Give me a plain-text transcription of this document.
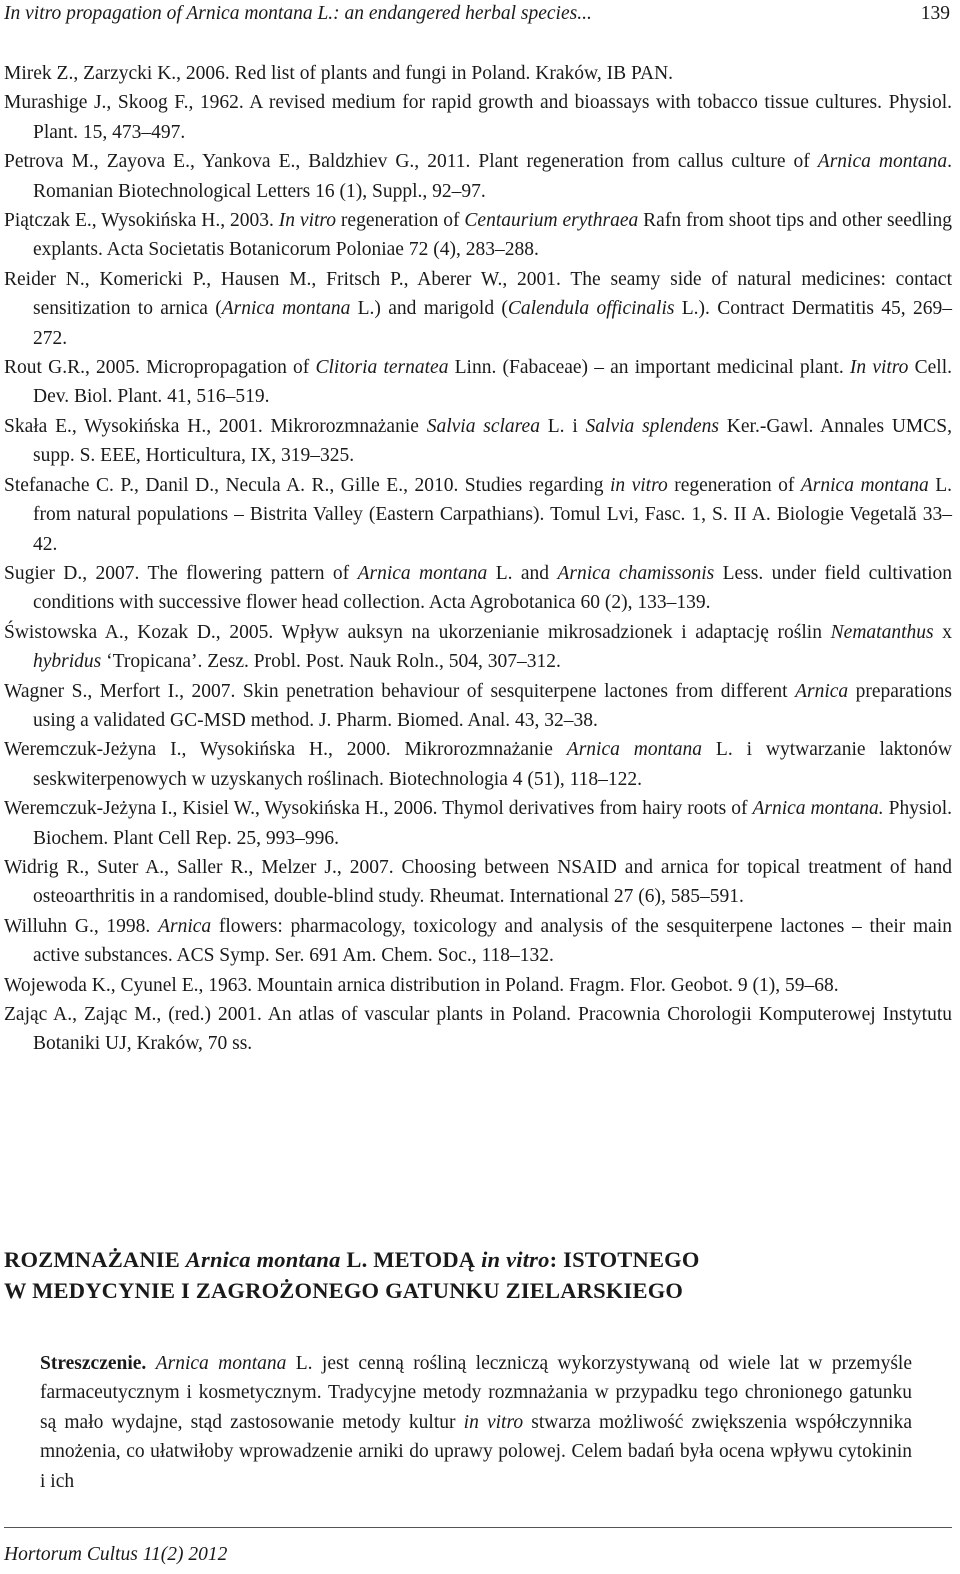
In vitro propagation of Arnica montana L.: an endangered herbal species...	139

Mirek Z., Zarzycki K., 2006. Red list of plants and fungi in Poland. Kraków, IB PAN.

Murashige J., Skoog F., 1962. A revised medium for rapid growth and bioassays with tobacco tissue cultures. Physiol. Plant. 15, 473–497.

Petrova M., Zayova E., Yankova E., Baldzhiev G., 2011. Plant regeneration from callus culture of Arnica montana. Romanian Biotechnological Letters 16 (1), Suppl., 92–97.

Piątczak E., Wysokińska H., 2003. In vitro regeneration of Centaurium erythraea Rafn from shoot tips and other seedling explants. Acta Societatis Botanicorum Poloniae 72 (4), 283–288.

Reider N., Komericki P., Hausen M., Fritsch P., Aberer W., 2001. The seamy side of natural medicines: contact sensitization to arnica (Arnica montana L.) and marigold (Calendula officinalis L.). Contract Dermatitis 45, 269–272.

Rout G.R., 2005. Micropropagation of Clitoria ternatea Linn. (Fabaceae) – an important medicinal plant. In vitro Cell. Dev. Biol. Plant. 41, 516–519.

Skała E., Wysokińska H., 2001. Mikrorozmnażanie Salvia sclarea L. i Salvia splendens Ker.-Gawl. Annales UMCS, supp. S. EEE, Horticultura, IX, 319–325.

Stefanache C. P., Danil D., Necula A. R., Gille E., 2010. Studies regarding in vitro regeneration of Arnica montana L. from natural populations – Bistrita Valley (Eastern Carpathians). Tomul Lvi, Fasc. 1, S. II A. Biologie Vegetală 33–42.

Sugier D., 2007. The flowering pattern of Arnica montana L. and Arnica chamissonis Less. under field cultivation conditions with successive flower head collection. Acta Agrobotanica 60 (2), 133–139.

Świstowska A., Kozak D., 2005. Wpływ auksyn na ukorzenianie mikrosadzionek i adaptację roślin Nematanthus x hybridus ‘Tropicana’. Zesz. Probl. Post. Nauk Roln., 504, 307–312.

Wagner S., Merfort I., 2007. Skin penetration behaviour of sesquiterpene lactones from different Arnica preparations using a validated GC-MSD method. J. Pharm. Biomed. Anal. 43, 32–38.

Weremczuk-Jeżyna I., Wysokińska H., 2000. Mikrorozmnażanie Arnica montana L. i wytwarzanie laktonów seskwiterpenowych w uzyskanych roślinach. Biotechnologia 4 (51), 118–122.

Weremczuk-Jeżyna I., Kisiel W., Wysokińska H., 2006. Thymol derivatives from hairy roots of Arnica montana. Physiol. Biochem. Plant Cell Rep. 25, 993–996.

Widrig R., Suter A., Saller R., Melzer J., 2007. Choosing between NSAID and arnica for topical treatment of hand osteoarthritis in a randomised, double-blind study. Rheumat. International 27 (6), 585–591.

Willuhn G., 1998. Arnica flowers: pharmacology, toxicology and analysis of the sesquiterpene lactones – their main active substances. ACS Symp. Ser. 691 Am. Chem. Soc., 118–132.

Wojewoda K., Cyunel E., 1963. Mountain arnica distribution in Poland. Fragm. Flor. Geobot. 9 (1), 59–68.

Zając A., Zając M., (red.) 2001. An atlas of vascular plants in Poland. Pracownia Chorologii Komputerowej Instytutu Botaniki UJ, Kraków, 70 ss.

ROZMNAŻANIE Arnica montana L. METODĄ in vitro: ISTOTNEGO
W MEDYCYNIE I ZAGROŻONEGO GATUNKU ZIELARSKIEGO

Streszczenie. Arnica montana L. jest cenną rośliną leczniczą wykorzystywaną od wiele lat w przemyśle farmaceutycznym i kosmetycznym. Tradycyjne metody rozmnażania w przypadku tego chronionego gatunku są mało wydajne, stąd zastosowanie metody kultur in vitro stwarza możliwość zwiększenia współczynnika mnożenia, co ułatwiłoby wprowadzenie arniki do uprawy polowej. Celem badań była ocena wpływu cytokinin i ich

Hortorum Cultus 11(2) 2012
